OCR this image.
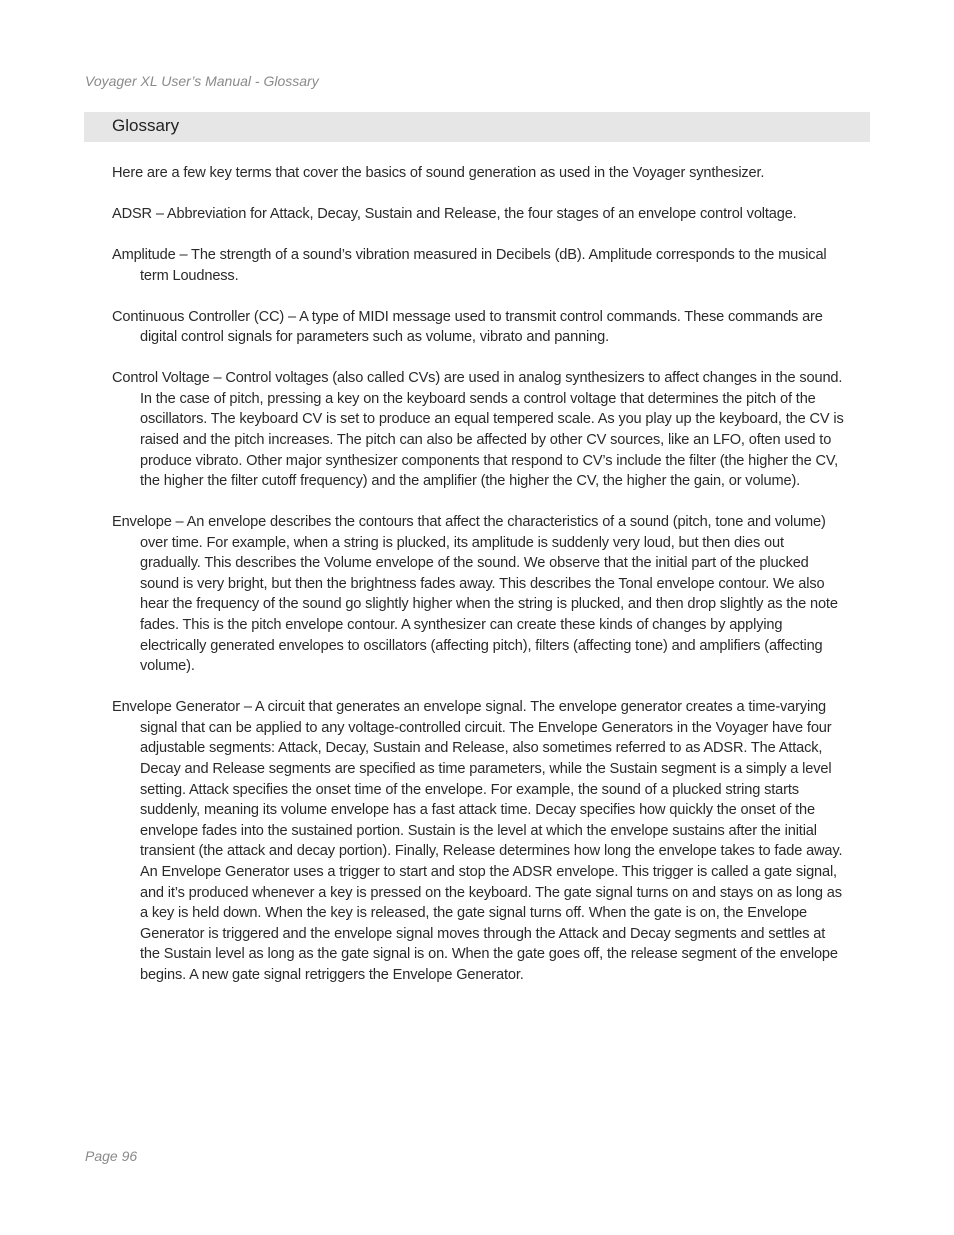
Voyager XL User’s Manual - Glossary
Glossary

Here are a few key terms that cover the basics of sound generation as used in the Voyager synthesizer.

ADSR – Abbreviation for Attack, Decay, Sustain and Release, the four stages of an envelope control voltage.

Amplitude – The strength of a sound’s vibration measured in Decibels (dB). Amplitude corresponds to the musical term Loudness.

Continuous Controller (CC) – A type of MIDI message used to transmit control commands. These commands are digital control signals for parameters such as volume, vibrato and panning.

Control Voltage – Control voltages (also called CVs) are used in analog synthesizers to affect changes in the sound. In the case of pitch, pressing a key on the keyboard sends a control voltage that determines the pitch of the oscillators. The keyboard CV is set to produce an equal tempered scale. As you play up the keyboard, the CV is raised and the pitch increases. The pitch can also be affected by other CV sources, like an LFO, often used to produce vibrato. Other major synthesizer components that respond to CV’s include the filter (the higher the CV, the higher the filter cutoff frequency) and the amplifier (the higher the CV, the higher the gain, or volume).

Envelope – An envelope describes the contours that affect the characteristics of a sound (pitch, tone and volume) over time. For example, when a string is plucked, its amplitude is suddenly very loud, but then dies out gradually. This describes the Volume envelope of the sound. We observe that the initial part of the plucked sound is very bright, but then the brightness fades away. This describes the Tonal envelope contour. We also hear the frequency of the sound go slightly higher when the string is plucked, and then drop slightly as the note fades. This is the pitch envelope contour. A synthesizer can create these kinds of changes by applying electrically generated envelopes to oscillators (affecting pitch), filters (affecting tone) and amplifiers (affecting volume).

Envelope Generator – A circuit that generates an envelope signal. The envelope generator creates a time-varying signal that can be applied to any voltage-controlled circuit. The Envelope Generators in the Voyager have four adjustable segments: Attack, Decay, Sustain and Release, also sometimes referred to as ADSR. The Attack, Decay and Release segments are specified as time parameters, while the Sustain segment is a simply a level setting. Attack specifies the onset time of the envelope. For example, the sound of a plucked string starts suddenly, meaning its volume envelope has a fast attack time. Decay specifies how quickly the onset of the envelope fades into the sustained portion. Sustain is the level at which the envelope sustains after the initial transient (the attack and decay portion). Finally, Release determines how long the envelope takes to fade away. An Envelope Generator uses a trigger to start and stop the ADSR envelope. This trigger is called a gate signal, and it’s produced whenever a key is pressed on the keyboard. The gate signal turns on and stays on as long as a key is held down. When the key is released, the gate signal turns off. When the gate is on, the Envelope Generator is triggered and the envelope signal moves through the Attack and Decay segments and settles at the Sustain level as long as the gate signal is on. When the gate goes off, the release segment of the envelope begins. A new gate signal retriggers the Envelope Generator.

Page 96
